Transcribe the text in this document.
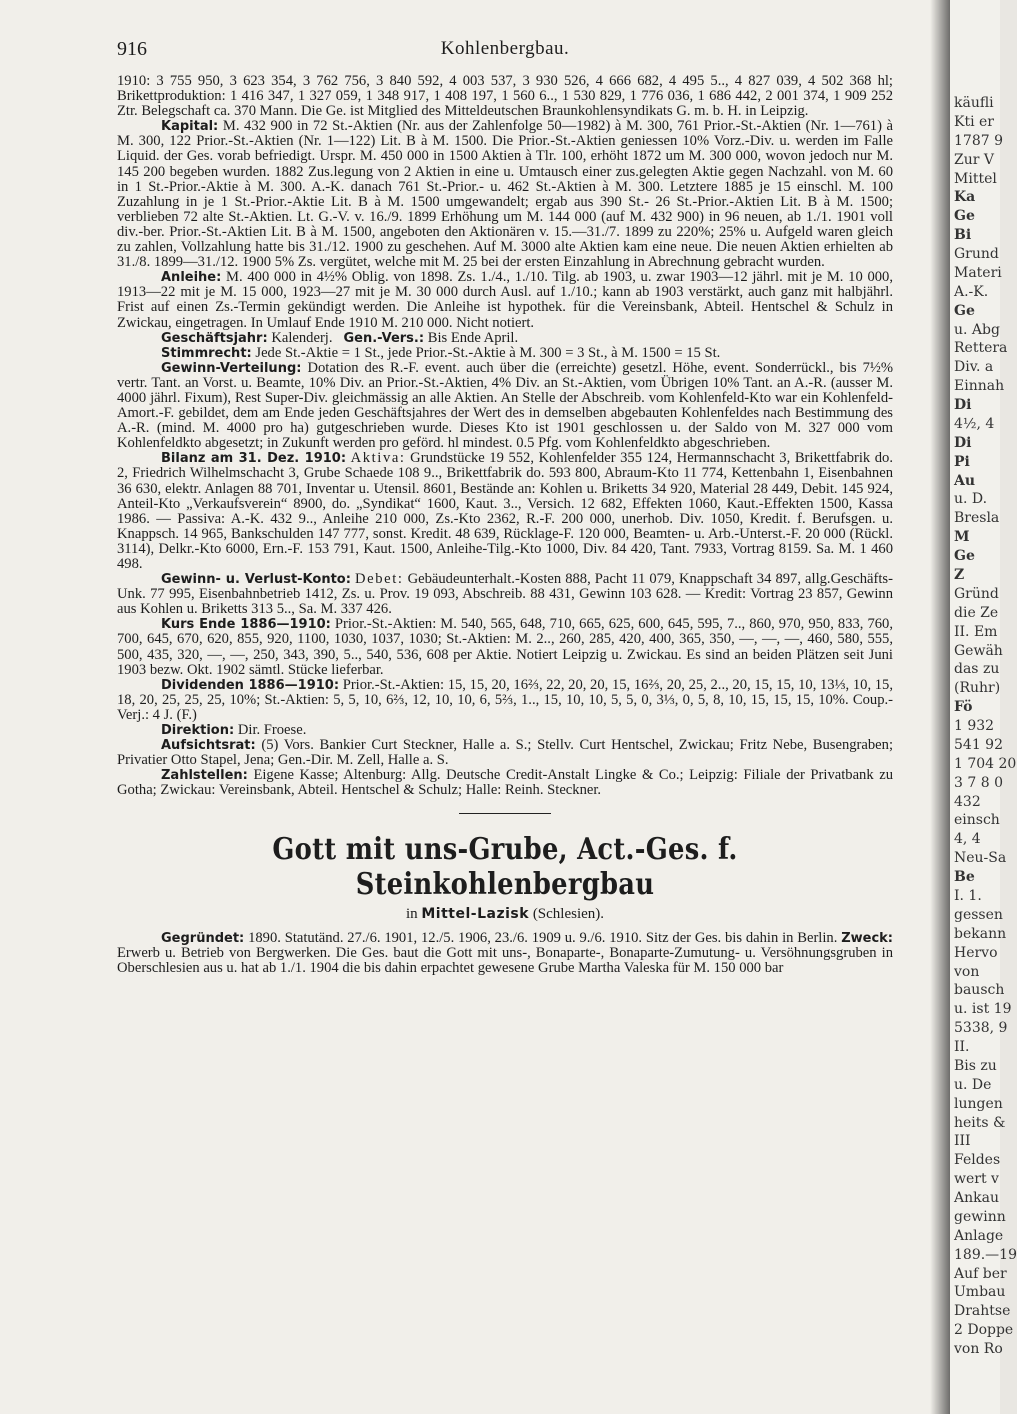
916	Kohlenbergbau.

1910: 3 755 950, 3 623 354, 3 762 756, 3 840 592, 4 003 537, 3 930 526, 4 666 682, 4 495 5.., 4 827 039, 4 502 368 hl; Brikettproduktion: 1 416 347, 1 327 059, 1 348 917, 1 408 197, 1 560 6.., 1 530 829, 1 776 036, 1 686 442, 2 001 374, 1 909 252 Ztr. Belegschaft ca. 370 Mann. Die Ge. ist Mitglied des Mitteldeutschen Braunkohlensyndikats G. m. b. H. in Leipzig.

Kapital: M. 432 900 in 72 St.-Aktien (Nr. aus der Zahlenfolge 50—1982) à M. 300, 761 Prior.-St.-Aktien (Nr. 1—761) à M. 300, 122 Prior.-St.-Aktien (Nr. 1—122) Lit. B à M. 1500. Die Prior.-St.-Aktien geniessen 10% Vorz.-Div. u. werden im Falle Liquid. der Ges. vorab befriedigt. Urspr. M. 450 000 in 1500 Aktien à Tlr. 100, erhöht 1872 um M. 300 000, wovon jedoch nur M. 145 200 begeben wurden. 1882 Zus.legung von 2 Aktien in eine u. Umtausch einer zus.gelegten Aktie gegen Nachzahl. von M. 60 in 1 St.-Prior.-Aktie à M. 300. A.-K. danach 761 St.-Prior.- u. 462 St.-Aktien à M. 300. Letztere 1885 je 15 einschl. M. 100 Zuzahlung in je 1 St.-Prior.-Aktie Lit. B à M. 1500 umgewandelt; ergab aus 390 St.- 26 St.-Prior.-Aktien Lit. B à M. 1500; verblieben 72 alte St.-Aktien. Lt. G.-V. v. 16./9. 1899 Erhöhung um M. 144 000 (auf M. 432 900) in 96 neuen, ab 1./1. 1901 voll div.-ber. Prior.-St.-Aktien Lit. B à M. 1500, angeboten den Aktionären v. 15.—31./7. 1899 zu 220%; 25% u. Aufgeld waren gleich zu zahlen, Vollzahlung hatte bis 31./12. 1900 zu geschehen. Auf M. 3000 alte Aktien kam eine neue. Die neuen Aktien erhielten ab 31./8. 1899—31./12. 1900 5% Zs. vergütet, welche mit M. 25 bei der ersten Einzahlung in Abrechnung gebracht wurden.

Anleihe: M. 400 000 in 4½% Oblig. von 1898. Zs. 1./4., 1./10. Tilg. ab 1903, u. zwar 1903—12 jährl. mit je M. 10 000, 1913—22 mit je M. 15 000, 1923—27 mit je M. 30 000 durch Ausl. auf 1./10.; kann ab 1903 verstärkt, auch ganz mit halbjährl. Frist auf einen Zs.-Termin gekündigt werden. Die Anleihe ist hypothek. für die Vereinsbank, Abteil. Hentschel & Schulz in Zwickau, eingetragen. In Umlauf Ende 1910 M. 210 000. Nicht notiert.

Geschäftsjahr: Kalenderj. Gen.-Vers.: Bis Ende April.

Stimmrecht: Jede St.-Aktie = 1 St., jede Prior.-St.-Aktie à M. 300 = 3 St., à M. 1500 = 15 St.

Gewinn-Verteilung: Dotation des R.-F. event. auch über die (erreichte) gesetzl. Höhe, event. Sonderrückl., bis 7½% vertr. Tant. an Vorst. u. Beamte, 10% Div. an Prior.-St.-Aktien, 4% Div. an St.-Aktien, vom Übrigen 10% Tant. an A.-R. (ausser M. 4000 jährl. Fixum), Rest Super-Div. gleichmässig an alle Aktien. An Stelle der Abschreib. vom Kohlenfeld-Kto war ein Kohlenfeld-Amort.-F. gebildet, dem am Ende jeden Geschäftsjahres der Wert des in demselben abgebauten Kohlenfeldes nach Bestimmung des A.-R. (mind. M. 4000 pro ha) gutgeschrieben wurde. Dieses Kto ist 1901 geschlossen u. der Saldo von M. 327 000 vom Kohlenfeldkto abgesetzt; in Zukunft werden pro geförd. hl mindest. 0.5 Pfg. vom Kohlenfeldkto abgeschrieben.

Bilanz am 31. Dez. 1910: Aktiva: Grundstücke 19 552, Kohlenfelder 355 124, Hermannschacht 3, Brikettfabrik do. 2, Friedrich Wilhelmschacht 3, Grube Schaede 108 9.., Brikettfabrik do. 593 800, Abraum-Kto 11 774, Kettenbahn 1, Eisenbahnen 36 630, elektr. Anlagen 88 701, Inventar u. Utensil. 8601, Bestände an: Kohlen u. Briketts 34 920, Material 28 449, Debit. 145 924, Anteil-Kto „Verkaufsverein“ 8900, do. „Syndikat“ 1600, Kaut. 3.., Versich. 12 682, Effekten 1060, Kaut.-Effekten 1500, Kassa 1986. — Passiva: A.-K. 432 9.., Anleihe 210 000, Zs.-Kto 2362, R.-F. 200 000, unerhob. Div. 1050, Kredit. f. Berufsgen. u. Knappsch. 14 965, Bankschulden 147 777, sonst. Kredit. 48 639, Rücklage-F. 120 000, Beamten- u. Arb.-Unterst.-F. 20 000 (Rückl. 3114), Delkr.-Kto 6000, Ern.-F. 153 791, Kaut. 1500, Anleihe-Tilg.-Kto 1000, Div. 84 420, Tant. 7933, Vortrag 8159. Sa. M. 1 460 498.

Gewinn- u. Verlust-Konto: Debet: Gebäudeunterhalt.-Kosten 888, Pacht 11 079, Knappschaft 34 897, allg.Geschäfts-Unk. 77 995, Eisenbahnbetrieb 1412, Zs. u. Prov. 19 093, Abschreib. 88 431, Gewinn 103 628. — Kredit: Vortrag 23 857, Gewinn aus Kohlen u. Briketts 313 5.., Sa. M. 337 426.

Kurs Ende 1886—1910: Prior.-St.-Aktien: M. 540, 565, 648, 710, 665, 625, 600, 645, 595, 7.., 860, 970, 950, 833, 760, 700, 645, 670, 620, 855, 920, 1100, 1030, 1037, 1030; St.-Aktien: M. 2.., 260, 285, 420, 400, 365, 350, —, —, —, 460, 580, 555, 500, 435, 320, —, —, 250, 343, 390, 5.., 540, 536, 608 per Aktie. Notiert Leipzig u. Zwickau. Es sind an beiden Plätzen seit Juni 1903 bezw. Okt. 1902 sämtl. Stücke lieferbar.

Dividenden 1886—1910: Prior.-St.-Aktien: 15, 15, 20, 16⅔, 22, 20, 20, 15, 16⅔, 20, 25, 2.., 20, 15, 15, 10, 13⅓, 10, 15, 18, 20, 25, 25, 25, 10%; St.-Aktien: 5, 5, 10, 6⅔, 12, 10, 10, 6, 5⅔, 1.., 15, 10, 10, 5, 5, 0, 3⅓, 0, 5, 8, 10, 15, 15, 15, 10%. Coup.-Verj.: 4 J. (F.)

Direktion: Dir. Froese.

Aufsichtsrat: (5) Vors. Bankier Curt Steckner, Halle a. S.; Stellv. Curt Hentschel, Zwickau; Fritz Nebe, Busengraben; Privatier Otto Stapel, Jena; Gen.-Dir. M. Zell, Halle a. S.

Zahlstellen: Eigene Kasse; Altenburg: Allg. Deutsche Credit-Anstalt Lingke & Co.; Leipzig: Filiale der Privatbank zu Gotha; Zwickau: Vereinsbank, Abteil. Hentschel & Schulz; Halle: Reinh. Steckner.

Gott mit uns-Grube, Act.-Ges. f. Steinkohlenbergbau
in Mittel-Lazisk (Schlesien).

Gegründet: 1890. Statutänd. 27./6. 1901, 12./5. 1906, 23./6. 1909 u. 9./6. 1910. Sitz der Ges. bis dahin in Berlin. Zweck: Erwerb u. Betrieb von Bergwerken. Die Ges. baut die Gott mit uns-, Bonaparte-, Bonaparte-Zumutung- u. Versöhnungsgruben in Oberschlesien aus u. hat ab 1./1. 1904 die bis dahin erpachtet gewesene Grube Martha Valeska für M. 150 000 bar

käufli
Kti er
1787 9
Zur V
Mittel
Ka
Ge
Bi
Grund
Materi
A.-K.
Ge
u. Abg
Rettera
Div. a
Einnah
Di
4½, 4
Di
Pi
Au
u. D.
Bresla
M
Ge
Z
Gründ
die Ze
II. Em
Gewäh
das zu
(Ruhr)
Fö
1 932
541 92
1 704 20
3 7 8 0
432
einsch
4, 4
Neu-Sa
Be
I. 1.
gessen
bekann
Hervo
von
bausch
u. ist 19
5338, 9
II.
Bis zu
u. De
lungen
heits &
III
Feldes
wert v
Ankau
gewinn
Anlage
189.—19
Auf ber
Umbau
Drahtse
2 Doppe
von Ro
